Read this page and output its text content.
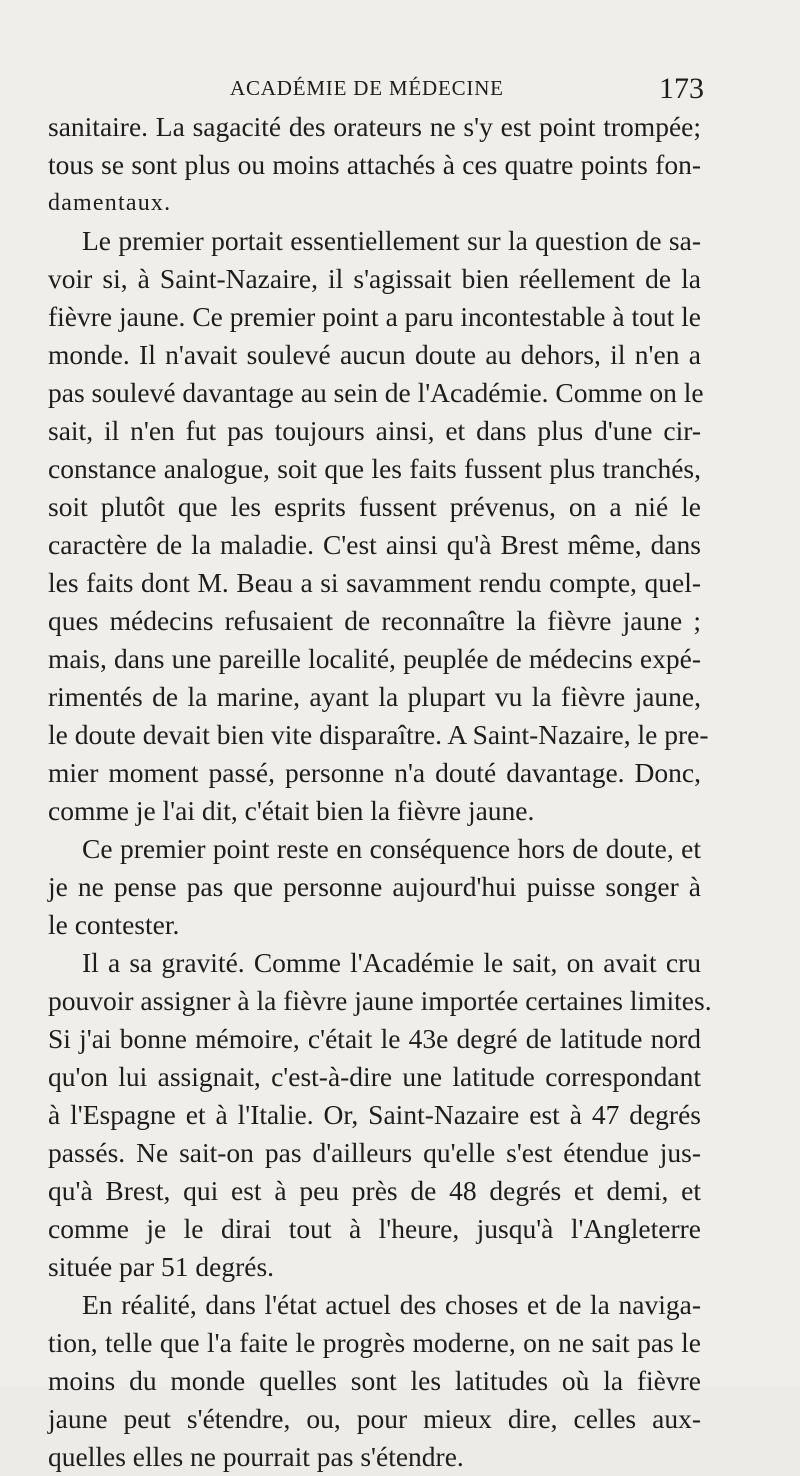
ACADÉMIE DE MÉDECINE	173
sanitaire. La sagacité des orateurs ne s'y est point trompée;
tous se sont plus ou moins attachés à ces quatre points fon-
damentaux.
Le premier portait essentiellement sur la question de sa-
voir si, à Saint-Nazaire, il s'agissait bien réellement de la
fièvre jaune. Ce premier point a paru incontestable à tout le
monde. Il n'avait soulevé aucun doute au dehors, il n'en a
pas soulevé davantage au sein de l'Académie. Comme on le
sait, il n'en fut pas toujours ainsi, et dans plus d'une cir-
constance analogue, soit que les faits fussent plus tranchés,
soit plutôt que les esprits fussent prévenus, on a nié le
caractère de la maladie. C'est ainsi qu'à Brest même, dans
les faits dont M. Beau a si savamment rendu compte, quel-
ques médecins refusaient de reconnaître la fièvre jaune ;
mais, dans une pareille localité, peuplée de médecins expé-
rimentés de la marine, ayant la plupart vu la fièvre jaune,
le doute devait bien vite disparaître. A Saint-Nazaire, le pre-
mier moment passé, personne n'a douté davantage. Donc,
comme je l'ai dit, c'était bien la fièvre jaune.
Ce premier point reste en conséquence hors de doute, et
je ne pense pas que personne aujourd'hui puisse songer à
le contester.
Il a sa gravité. Comme l'Académie le sait, on avait cru
pouvoir assigner à la fièvre jaune importée certaines limites.
Si j'ai bonne mémoire, c'était le 43e degré de latitude nord
qu'on lui assignait, c'est-à-dire une latitude correspondant
à l'Espagne et à l'Italie. Or, Saint-Nazaire est à 47 degrés
passés. Ne sait-on pas d'ailleurs qu'elle s'est étendue jus-
qu'à Brest, qui est à peu près de 48 degrés et demi, et
comme je le dirai tout à l'heure, jusqu'à l'Angleterre
située par 51 degrés.
En réalité, dans l'état actuel des choses et de la naviga-
tion, telle que l'a faite le progrès moderne, on ne sait pas le
moins du monde quelles sont les latitudes où la fièvre
jaune peut s'étendre, ou, pour mieux dire, celles aux-
quelles elles ne pourrait pas s'étendre.
